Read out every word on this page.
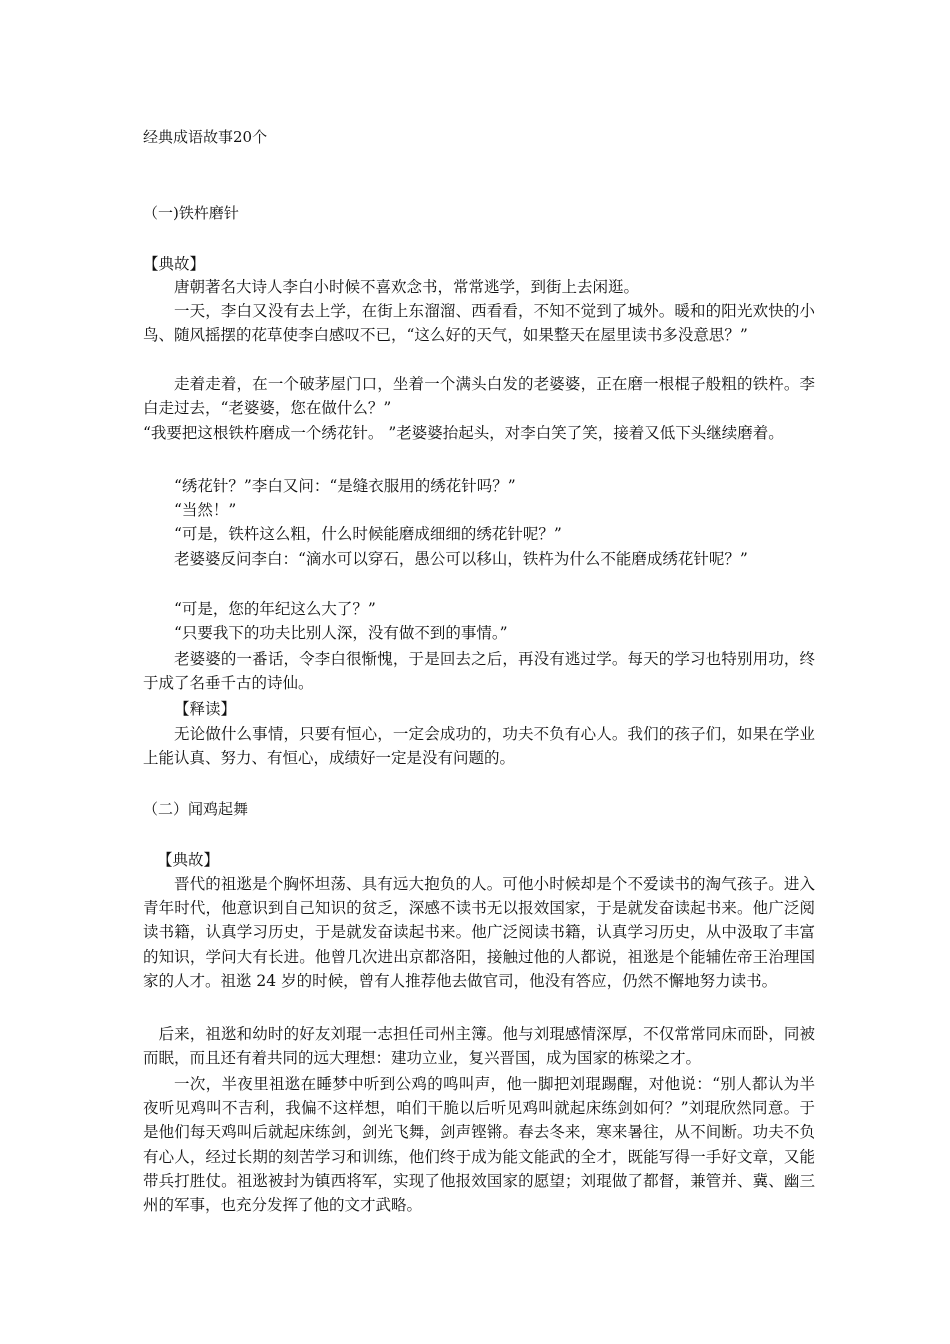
经典成语故事20个
（一)铁杵磨针
【典故】

唐朝著名大诗人李白小时候不喜欢念书，常常逃学，到街上去闲逛。

一天，李白又没有去上学，在街上东溜溜、西看看，不知不觉到了城外。暖和的阳光欢快的小鸟、随风摇摆的花草使李白感叹不已，“这么好的天气，如果整天在屋里读书多没意思？”

走着走着，在一个破茅屋门口，坐着一个满头白发的老婆婆，正在磨一根棍子般粗的铁杵。李白走过去，“老婆婆，您在做什么？”

“我要把这根铁杵磨成一个绣花针。 ”老婆婆抬起头，对李白笑了笑，接着又低下头继续磨着。

“绣花针？”李白又问：“是缝衣服用的绣花针吗？”

“当然！”

“可是，铁杵这么粗，什么时候能磨成细细的绣花针呢？”

老婆婆反问李白：“滴水可以穿石，愚公可以移山，铁杵为什么不能磨成绣花针呢？”

“可是，您的年纪这么大了？”

“只要我下的功夫比别人深，没有做不到的事情。”

老婆婆的一番话，令李白很惭愧，于是回去之后，再没有逃过学。每天的学习也特别用功，终于成了名垂千古的诗仙。

【释读】

无论做什么事情，只要有恒心，一定会成功的，功夫不负有心人。我们的孩子们，如果在学业上能认真、努力、有恒心，成绩好一定是没有问题的。

（二）闻鸡起舞
【典故】

晋代的祖逖是个胸怀坦荡、具有远大抱负的人。可他小时候却是个不爱读书的淘气孩子。进入青年时代，他意识到自己知识的贫乏，深感不读书无以报效国家，于是就发奋读起书来。他广泛阅读书籍，认真学习历史，于是就发奋读起书来。他广泛阅读书籍，认真学习历史，从中汲取了丰富的知识，学问大有长进。他曾几次进出京都洛阳，接触过他的人都说，祖逖是个能辅佐帝王治理国家的人才。祖逖 24 岁的时候，曾有人推荐他去做官司，他没有答应，仍然不懈地努力读书。

后来，祖逖和幼时的好友刘琨一志担任司州主簿。他与刘琨感情深厚，不仅常常同床而卧，同被而眠，而且还有着共同的远大理想：建功立业，复兴晋国，成为国家的栋梁之才。

一次，半夜里祖逖在睡梦中听到公鸡的鸣叫声，他一脚把刘琨踢醒，对他说：“别人都认为半夜听见鸡叫不吉利，我偏不这样想，咱们干脆以后听见鸡叫就起床练剑如何？”刘琨欣然同意。于是他们每天鸡叫后就起床练剑，剑光飞舞，剑声铿锵。春去冬来，寒来暑往，从不间断。功夫不负有心人，经过长期的刻苦学习和训练，他们终于成为能文能武的全才，既能写得一手好文章，又能带兵打胜仗。祖逖被封为镇西将军，实现了他报效国家的愿望；刘琨做了都督，兼管并、冀、幽三州的军事，也充分发挥了他的文才武略。
